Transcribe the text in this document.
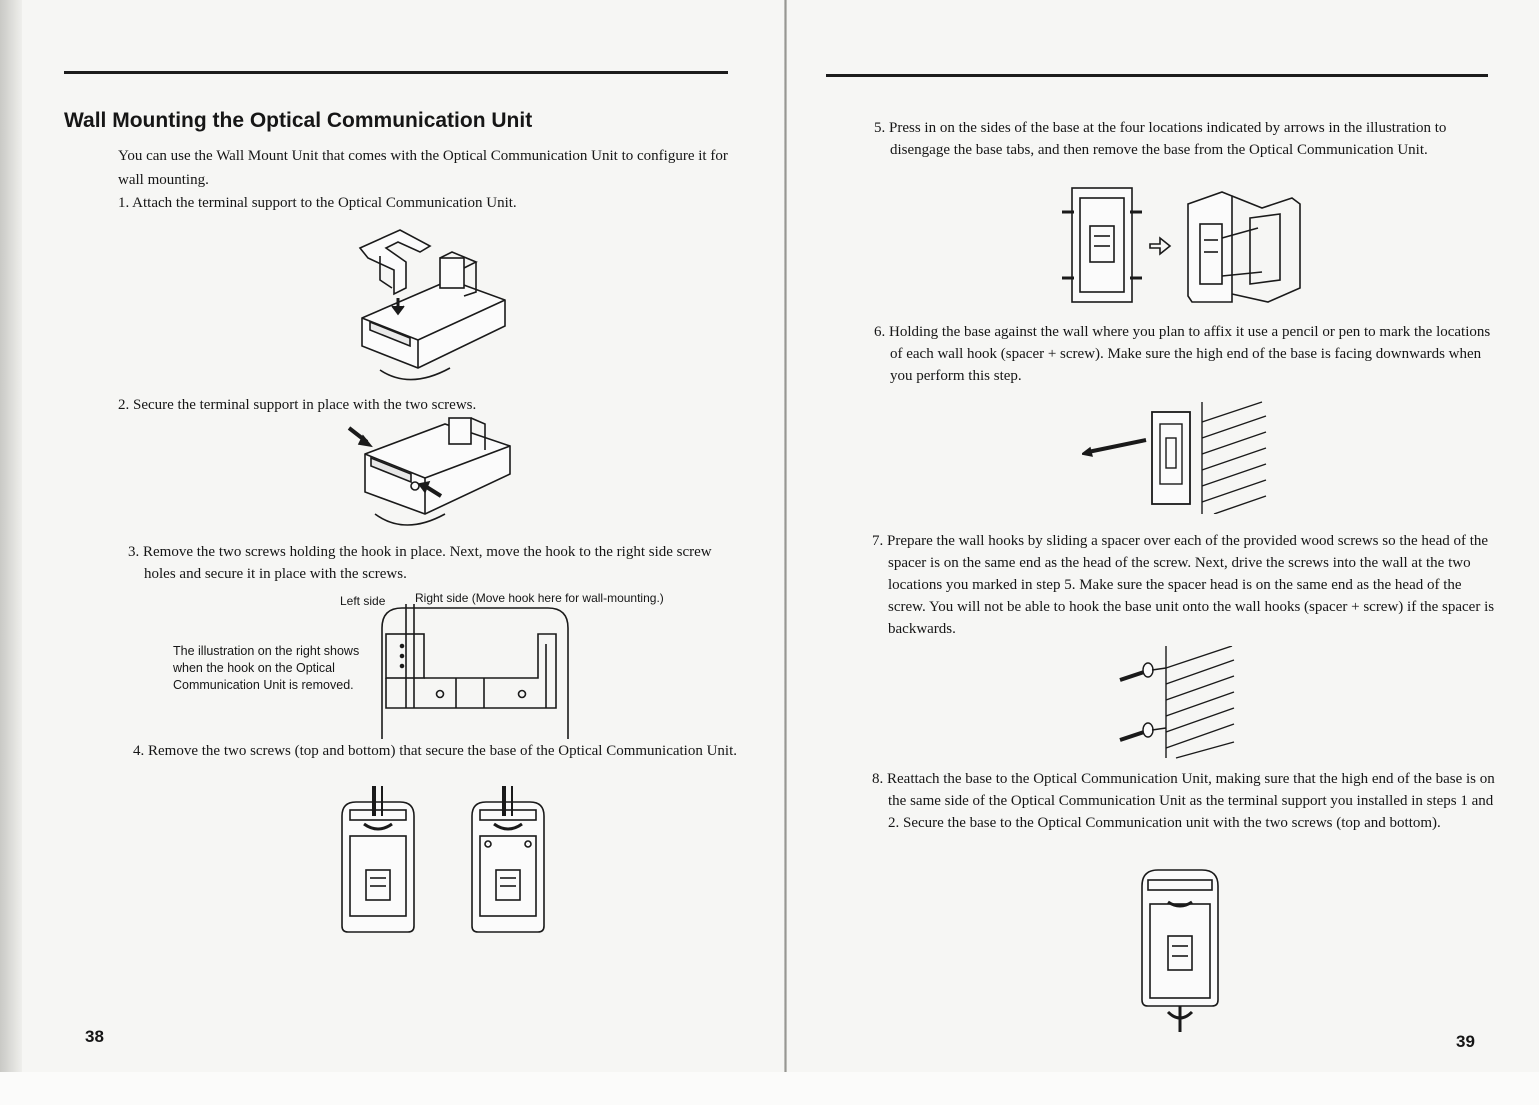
Wall Mounting the Optical Communication Unit

You can use the Wall Mount Unit that comes with the Optical Communication Unit to configure it for wall mounting.

1. Attach the terminal support to the Optical Communication Unit.

2. Secure the terminal support in place with the two screws.

3. Remove the two screws holding the hook in place. Next, move the hook to the right side screw holes and secure it in place with the screws.

Left side Right side (Move hook here for wall-mounting.)

The illustration on the right shows when the hook on the Optical Communication Unit is removed.

4. Remove the two screws (top and bottom) that secure the base of the Optical Communication Unit.

38

5. Press in on the sides of the base at the four locations indicated by arrows in the illustration to disengage the base tabs, and then remove the base from the Optical Communication Unit.

6. Holding the base against the wall where you plan to affix it use a pencil or pen to mark the locations of each wall hook (spacer + screw). Make sure the high end of the base is facing downwards when you perform this step.

7. Prepare the wall hooks by sliding a spacer over each of the provided wood screws so the head of the spacer is on the same end as the head of the screw. Next, drive the screws into the wall at the two locations you marked in step 5. Make sure the spacer head is on the same end as the head of the screw. You will not be able to hook the base unit onto the wall hooks (spacer + screw) if the spacer is backwards.

8. Reattach the base to the Optical Communication Unit, making sure that the high end of the base is on the same side of the Optical Communication Unit as the terminal support you installed in steps 1 and 2. Secure the base to the Optical Communication unit with the two screws (top and bottom).

39
